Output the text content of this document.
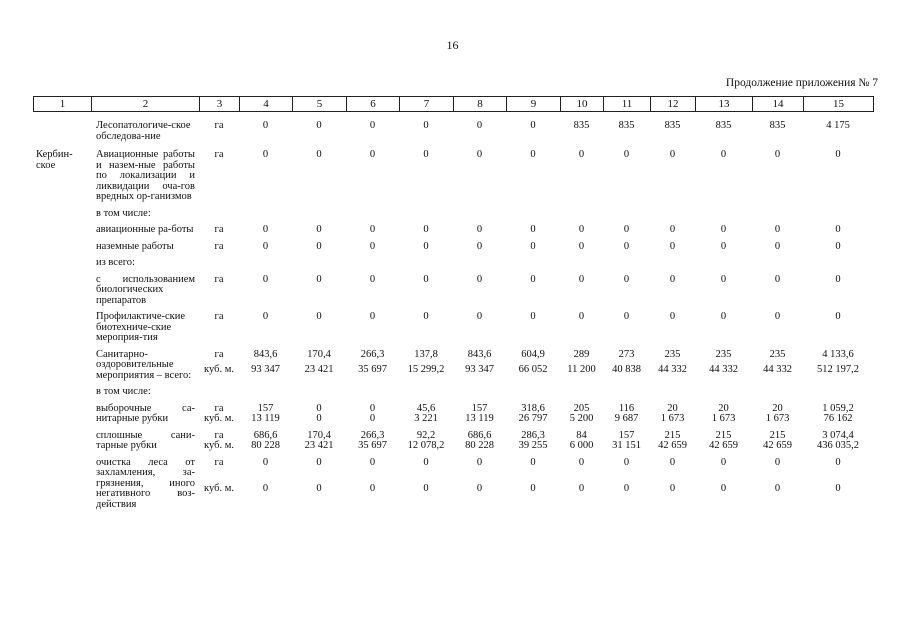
16
Продолжение приложения № 7
1	2	3	4	5	6	7	8	9	10	11	12	13	14	15

	Лесопатологиче-ское обследова-ние	га	0	0	0	0	0	0	835	835	835	835	835	4 175

Кербин-ское	Авиационные работы и назем-ные работы по локализации и ликвидации оча-гов вредных ор-ганизмов	га	0	0	0	0	0	0	0	0	0	0	0	0

	в том числе:													

	авиационные ра-боты	га	0	0	0	0	0	0	0	0	0	0	0	0

	наземные работы	га	0	0	0	0	0	0	0	0	0	0	0	0

	из всего:													

	с использованием биологических препаратов	га	0	0	0	0	0	0	0	0	0	0	0	0

	Профилактиче-ские биотехниче-ские мероприя-тия	га	0	0	0	0	0	0	0	0	0	0	0	0

	Санитарно-оздоровительные мероприятия – всего:	га	843,6	170,4	266,3	137,8	843,6	604,9	289	273	235	235	235	4 133,6
		куб. м.	93 347	23 421	35 697	15 299,2	93 347	66 052	11 200	40 838	44 332	44 332	44 332	512 197,2

	в том числе:													

	выборочные са-нитарные рубки	га	157	0	0	45,6	157	318,6	205	116	20	20	20	1 059,2
		куб. м.	13 119	0	0	3 221	13 119	26 797	5 200	9 687	1 673	1 673	1 673	76 162

	сплошные сани-тарные рубки	га	686,6	170,4	266,3	92,2	686,6	286,3	84	157	215	215	215	3 074,4
		куб. м.	80 228	23 421	35 697	12 078,2	80 228	39 255	6 000	31 151	42 659	42 659	42 659	436 035,2

	очистка леса от захламления, за-грязнения, иного негативного воз-действия	га	0	0	0	0	0	0	0	0	0	0	0	0
		куб. м.	0	0	0	0	0	0	0	0	0	0	0	0
